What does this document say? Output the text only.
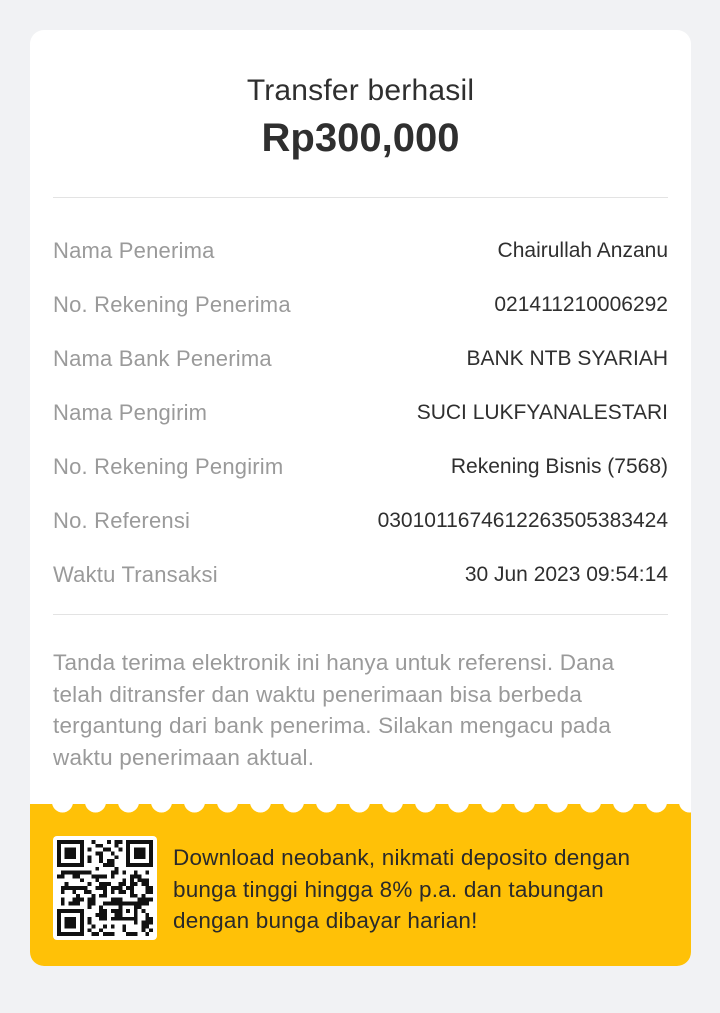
Transfer berhasil
Rp300,000
Nama Penerima	Chairullah Anzanu
No. Rekening Penerima	021411210006292
Nama Bank Penerima	BANK NTB SYARIAH
Nama Pengirim	SUCI LUKFYANALESTARI
No. Rekening Pengirim	Rekening Bisnis (7568)
No. Referensi	03010116746122635053834​24
Waktu Transaksi	30 Jun 2023 09:54:14
Tanda terima elektronik ini hanya untuk referensi. Dana telah ditransfer dan waktu penerimaan bisa berbeda tergantung dari bank penerima. Silakan mengacu pada waktu penerimaan aktual.
Download neobank, nikmati deposito dengan bunga tinggi hingga 8% p.a. dan tabungan dengan bunga dibayar harian!
